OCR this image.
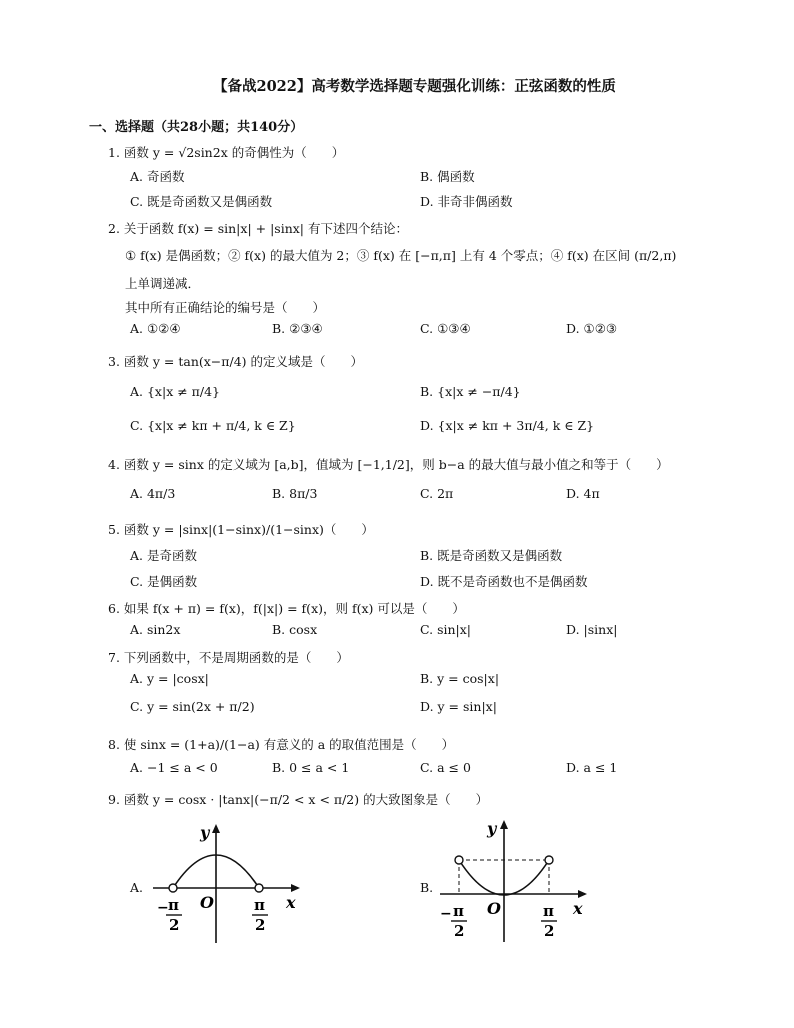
【备战2022】高考数学选择题专题强化训练：正弦函数的性质
一、选择题（共28小题；共140分）
1. 函数 y = √2sin2x 的奇偶性为（　　）
A. 奇函数	B. 偶函数
C. 既是奇函数又是偶函数	D. 非奇非偶函数
2. 关于函数 f(x) = sin|x| + |sinx| 有下述四个结论：
① f(x) 是偶函数；② f(x) 的最大值为 2；③ f(x) 在 [−π,π] 上有 4 个零点；④ f(x) 在区间 (π/2,π)
上单调递减．
其中所有正确结论的编号是（　　）
A. ①②④	B. ②③④	C. ①③④	D. ①②③
3. 函数 y = tan(x−π/4) 的定义域是（　　）
A. {x|x ≠ π/4}	B. {x|x ≠ −π/4}
C. {x|x ≠ kπ + π/4, k ∈ Z}	D. {x|x ≠ kπ + 3π/4, k ∈ Z}
4. 函数 y = sinx 的定义域为 [a,b]，值域为 [−1,1/2]，则 b−a 的最大值与最小值之和等于（　　）
A. 4π/3	B. 8π/3	C. 2π	D. 4π
5. 函数 y = |sinx|(1−sinx)/(1−sinx)（　　）
A. 是奇函数	B. 既是奇函数又是偶函数
C. 是偶函数	D. 既不是奇函数也不是偶函数
6. 如果 f(x + π) = f(x)，f(|x|) = f(x)，则 f(x) 可以是（　　）
A. sin2x	B. cosx	C. sin|x|	D. |sinx|
7. 下列函数中，不是周期函数的是（　　）
A. y = |cosx|	B. y = cos|x|
C. y = sin(2x + π/2)	D. y = sin|x|
8. 使 sinx = (1+a)/(1−a) 有意义的 a 的取值范围是（　　）
A. −1 ≤ a < 0	B. 0 ≤ a < 1	C. a ≤ 0	D. a ≤ 1
9. 函数 y = cosx · |tanx|(−π/2 < x < π/2) 的大致图象是（　　）
A.
y
x
O
− π
2
π
2
B.
y
x
O
− π
2
π
2
